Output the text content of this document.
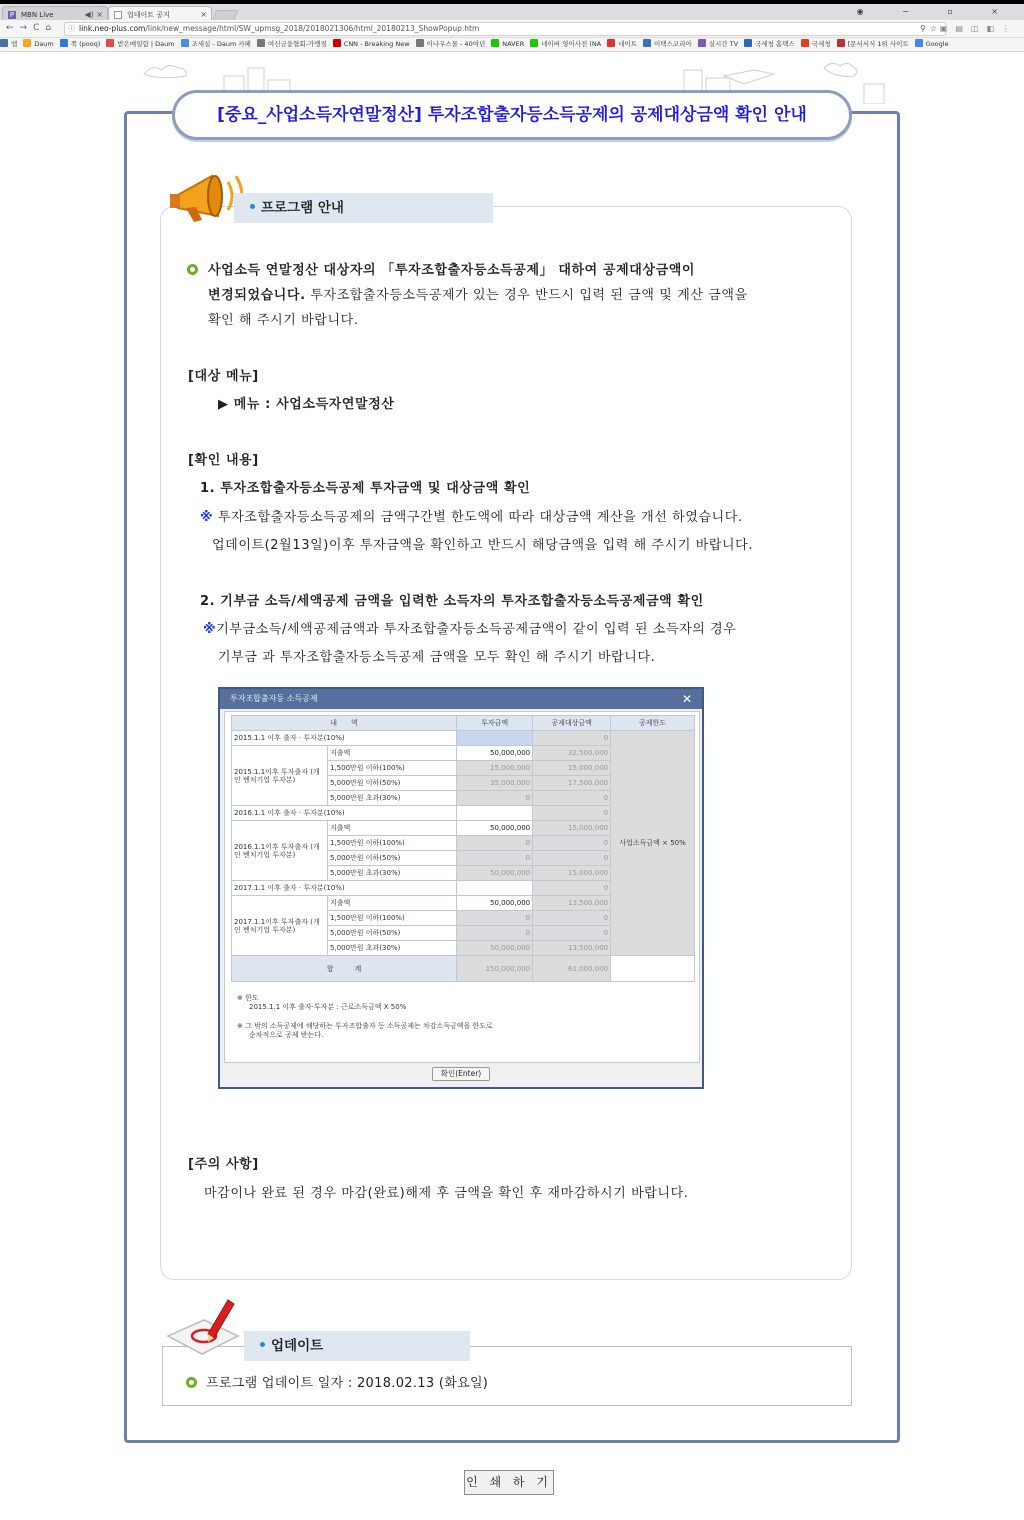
P MBN Live	◀) ×	업데이트 공지	×	◉ − ▫ ×
←→C⌂ ⓘ link.neo-plus.com/link/new_message/html/SW_upmsg_2018/2018021306/html_20180213_ShowPopup.htm	⚲☆
▣▤◫◧⋮
앱	Daum	쪽 (pooq)	받은메일함 | Daum	조세실 - Daum 카페	여신금융협회-가맹점	CNN - Breaking New	이나우스몰 - 40여년	NAVER	네이버 영어사전 (NA	네이트	이택스코리아	실시간 TV	국세청 홈택스	국세청	[문서서식 1위 사이트	Google
[중요_사업소득자연말정산] 투자조합출자등소득공제의 공제대상금액 확인 안내
프로그램 안내
사업소득 연말정산 대상자의 「투자조합출자등소득공제」 대하여 공제대상금액이
변경되었습니다. 투자조합출자등소득공제가 있는 경우 반드시 입력 된 금액 및 계산 금액을
확인 해 주시기 바랍니다.
[대상 메뉴]
▶ 메뉴 : 사업소득자연말정산
[확인 내용]
1. 투자조합출자등소득공제 투자금액 및 대상금액 확인
※ 투자조합출자등소득공제의 금액구간별 한도액에 따라 대상금액 계산을 개선 하였습니다.
업데이트(2월13일)이후 투자금액을 확인하고 반드시 해당금액을 입력 해 주시기 바랍니다.
2. 기부금 소득/세액공제 금액을 입력한 소득자의 투자조합출자등소득공제금액 확인
※기부금소득/세액공제금액과 투자조합출자등소득공제금액이 같이 입력 된 소득자의 경우
기부금 과 투자조합출자등소득공제 금액을 모두 확인 해 주시기 바랍니다.
투자조합출자등 소득공제	✕
내　　역		투자금액	공제대상금액	공제한도
2015.1.1 이후 출자 · 투자분(10%)			0	사업소득금액 × 50%
2015.1.1이후 투자출자 (개인 벤처기업 투자분)	지출액	50,000,000	32,500,000	
	1,500만원 이하(100%)	15,000,000	15,000,000	
	5,000만원 이하(50%)	35,000,000	17,500,000	
	5,000만원 초과(30%)	0	0	
2016.1.1 이후 출자 · 투자분(10%)			0	
2016.1.1이후 투자출자 (개인 벤처기업 투자분)	지출액	50,000,000	15,000,000	
	1,500만원 이하(100%)	0	0	
	5,000만원 이하(50%)	0	0	
	5,000만원 초과(30%)	50,000,000	15,000,000	
2017.1.1 이후 출자 · 투자분(10%)			0	
2017.1.1이후 투자출자 (개인 벤처기업 투자분)	지출액	50,000,000	13,500,000	
	1,500만원 이하(100%)	0	0	
	5,000만원 이하(50%)	0	0	
	5,000만원 초과(30%)	50,000,000	13,500,000	
합　　　계		150,000,000	61,000,000	
※ 한도
2015.1.1 이후 출자·투자분 : 근로소득금액 X 50%
※ 그 밖의 소득공제에 해당하는 투자조합출자 등 소득공제는 차감소득금액을 한도로
순차적으로 공제 받는다.
확인(Enter)
[주의 사항]
마감이나 완료 된 경우 마감(완료)해제 후 금액을 확인 후 재마감하시기 바랍니다.
업데이트
프로그램 업데이트 일자 : 2018.02.13 (화요일)
인 쇄 하 기
